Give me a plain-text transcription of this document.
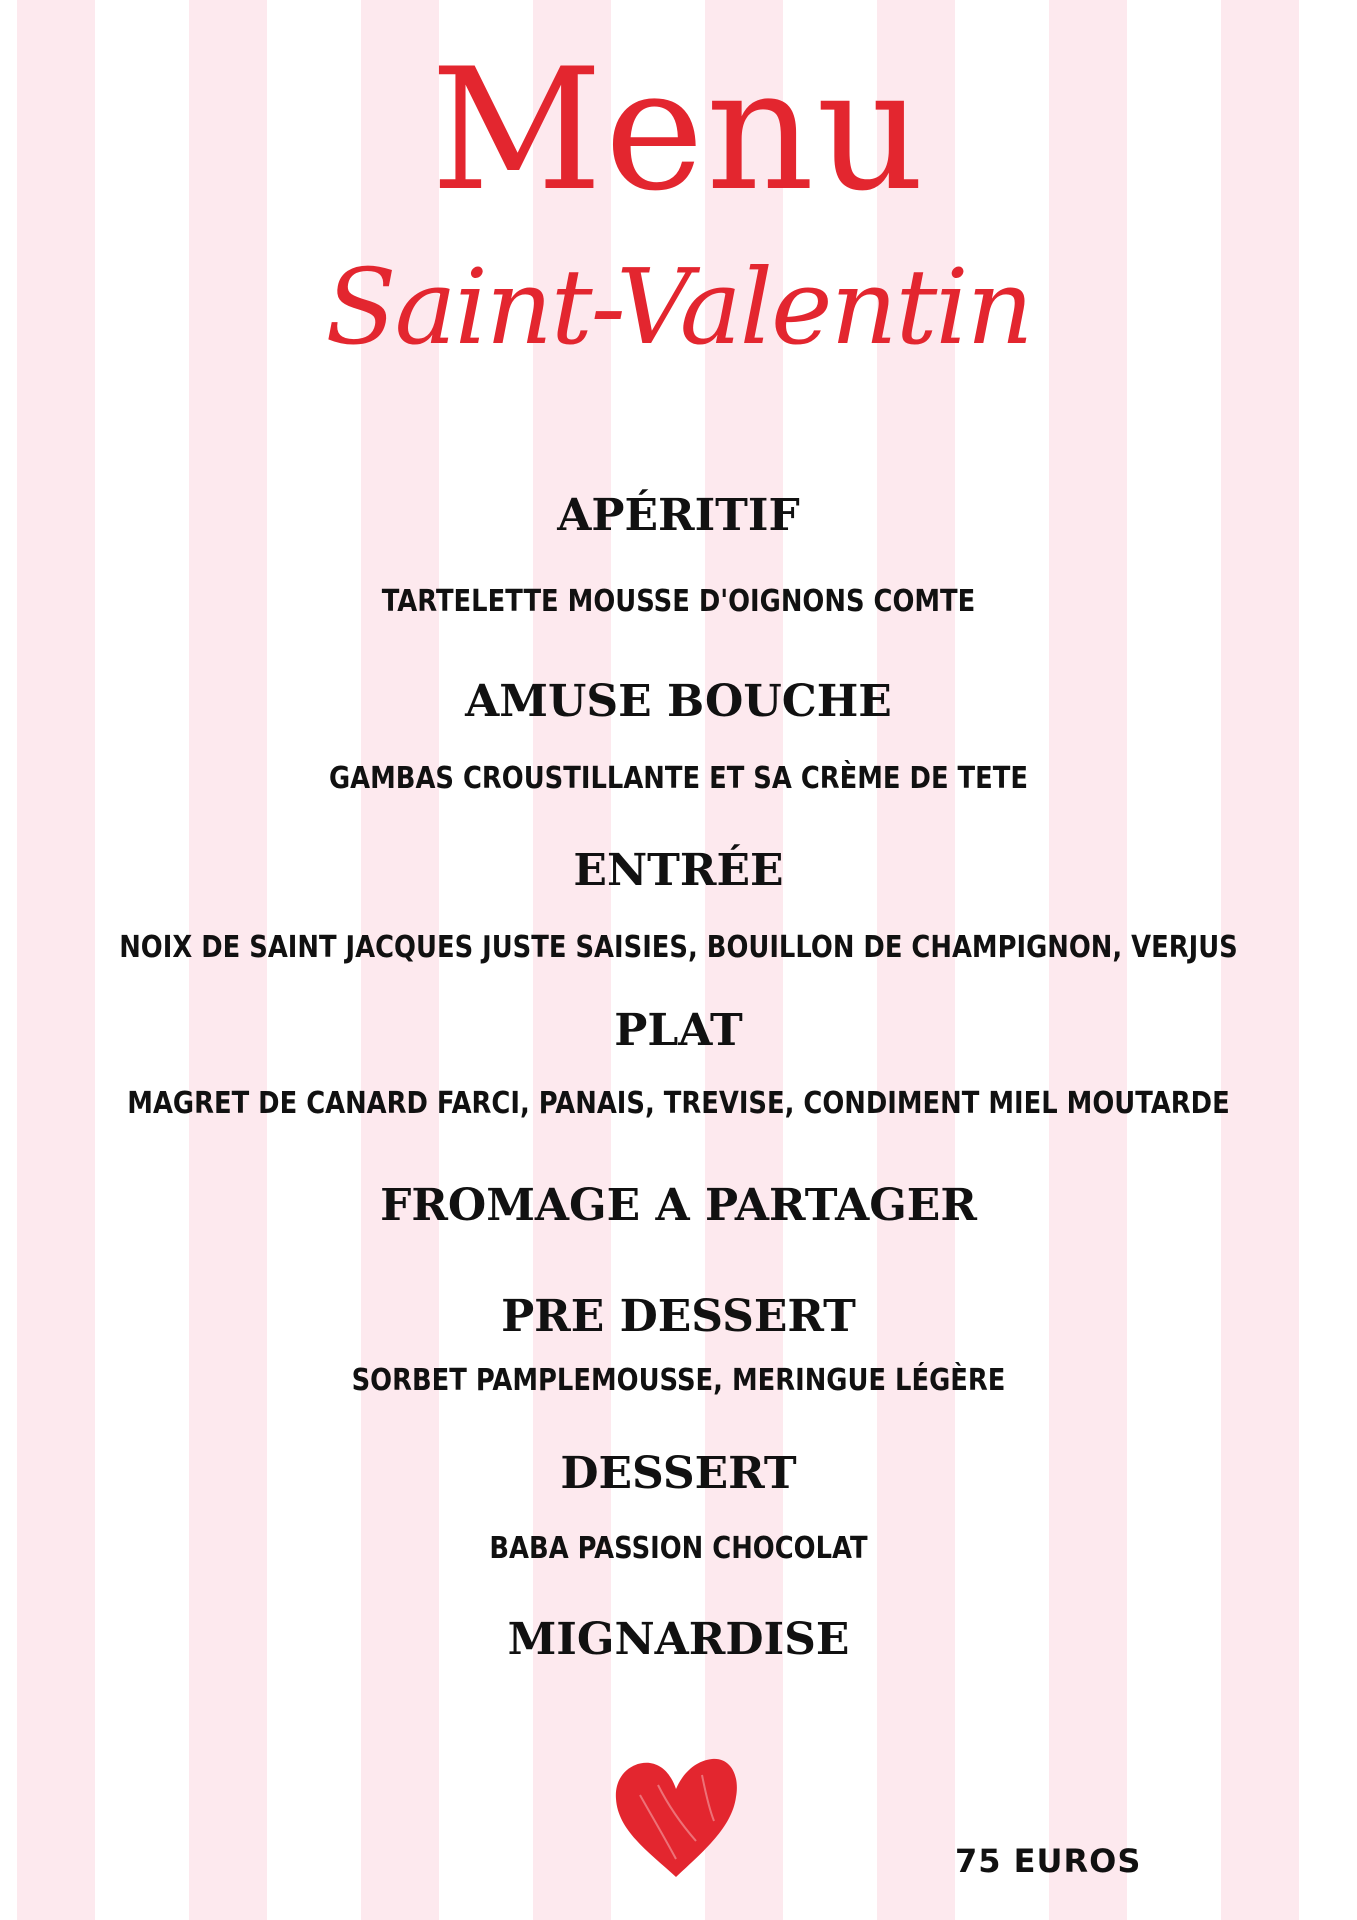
Menu
Saint-Valentin
APÉRITIF
TARTELETTE MOUSSE D'OIGNONS COMTE
AMUSE BOUCHE
GAMBAS CROUSTILLANTE ET SA CRÈME DE TETE
ENTRÉE
NOIX DE SAINT JACQUES JUSTE SAISIES, BOUILLON DE CHAMPIGNON, VERJUS
PLAT
MAGRET DE CANARD FARCI, PANAIS, TREVISE, CONDIMENT MIEL MOUTARDE
FROMAGE A PARTAGER
PRE DESSERT
SORBET PAMPLEMOUSSE, MERINGUE LÉGÈRE
DESSERT
BABA PASSION CHOCOLAT
MIGNARDISE
75 EUROS
